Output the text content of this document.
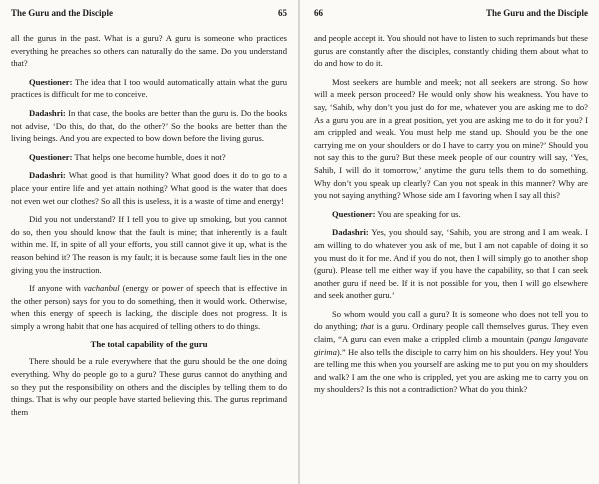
The Guru and the Disciple	65

all the gurus in the past. What is a guru? A guru is someone who practices everything he preaches so others can naturally do the same. Do you understand that?

Questioner: The idea that I too would automatically attain what the guru practices is difficult for me to conceive.

Dadashri: In that case, the books are better than the guru is. Do the books not advise, ‘Do this, do that, do the other?’ So the books are better than the living beings. And you are expected to bow down before the living gurus.

Questioner: That helps one become humble, does it not?

Dadashri: What good is that humility? What good does it do to go to a place your entire life and yet attain nothing? What good is the water that does not even wet our clothes? So all this is useless, it is a waste of time and energy!

Did you not understand? If I tell you to give up smoking, but you cannot do so, then you should know that the fault is mine; that inherently is a fault within me. If, in spite of all your efforts, you still cannot give it up, what is the reason behind it? The reason is my fault; it is because some fault lies in the one giving you the instruction.

If anyone with vachanbul (energy or power of speech that is effective in the other person) says for you to do something, then it would work. Otherwise, when this energy of speech is lacking, the disciple does not progress. It is simply a wrong habit that one has acquired of telling others to do things.

The total capability of the guru

There should be a rule everywhere that the guru should be the one doing everything. Why do people go to a guru? These gurus cannot do anything and so they put the responsibility on others and the disciples by telling them to do things. That is why our people have started believing this. The gurus reprimand them

66	The Guru and the Disciple

and people accept it. You should not have to listen to such reprimands but these gurus are constantly after the disciples, constantly chiding them about what to do and how to do it.

Most seekers are humble and meek; not all seekers are strong. So how will a meek person proceed? He would only show his weakness. You have to say, ‘Sahib, why don’t you just do for me, whatever you are asking me to do? As a guru you are in a great position, yet you are asking me to do it for you? I am crippled and weak. You must help me stand up. Should you be the one carrying me on your shoulders or do I have to carry you on mine?’ Should you not say this to the guru? But these meek people of our country will say, ‘Yes, Sahib, I will do it tomorrow,’ anytime the guru tells them to do something. Why don’t you speak up clearly? Can you not speak in this manner? Why are you not saying anything? Whose side am I favoring when I say all this?

Questioner: You are speaking for us.

Dadashri: Yes, you should say, ‘Sahib, you are strong and I am weak. I am willing to do whatever you ask of me, but I am not capable of doing it so you must do it for me. And if you do not, then I will simply go to another shop (guru). Please tell me either way if you have the capability, so that I can seek another guru if need be. If it is not possible for you, then I will go elsewhere and seek another guru.’

So whom would you call a guru? It is someone who does not tell you to do anything; that is a guru. Ordinary people call themselves gurus. They even claim, “A guru can even make a crippled climb a mountain (pangu langavate girima).” He also tells the disciple to carry him on his shoulders. Hey you! You are telling me this when you yourself are asking me to put you on my shoulders and walk? I am the one who is crippled, yet you are asking me to carry you on my shoulders? Is this not a contradiction? What do you think?
